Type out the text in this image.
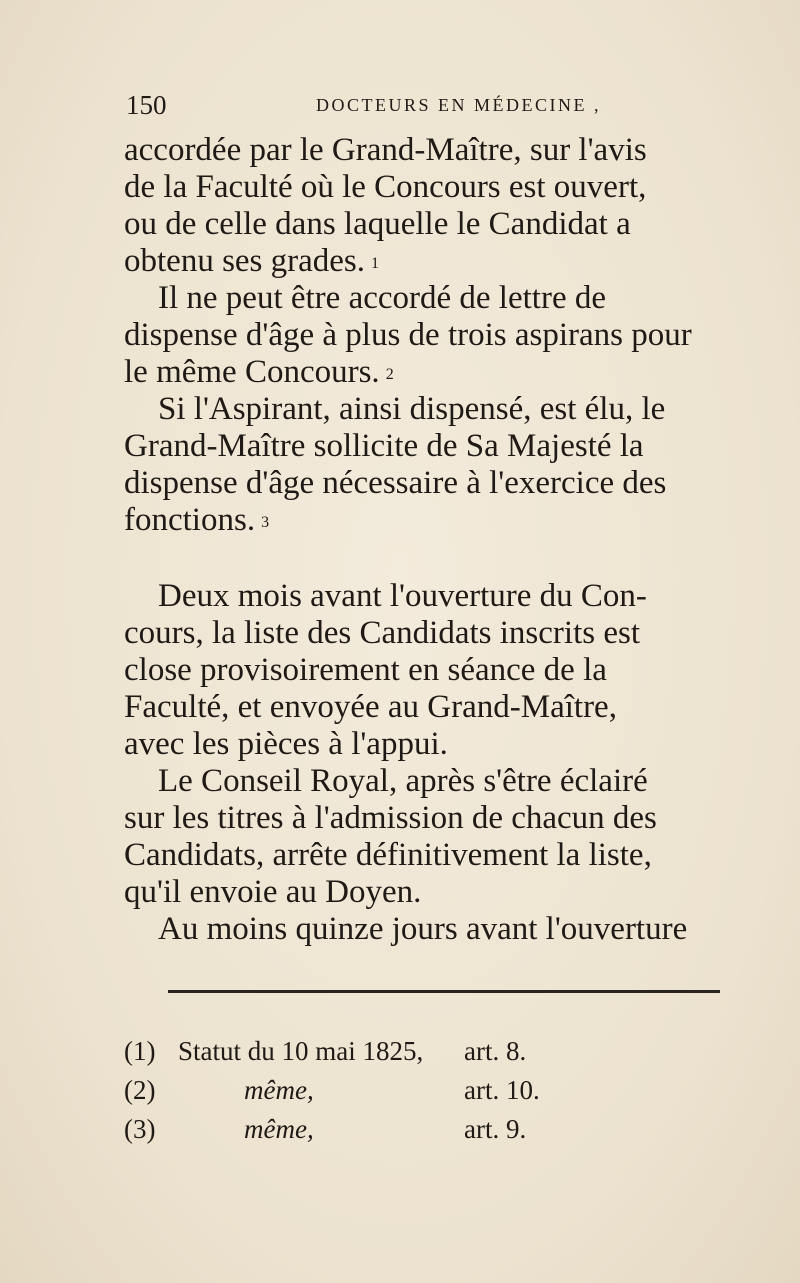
150	DOCTEURS EN MÉDECINE ,

accordée par le Grand-Maître, sur l'avis
de la Faculté où le Concours est ouvert,
ou de celle dans laquelle le Candidat a
obtenu ses grades. $^1$

Il ne peut être accordé de lettre de
dispense d'âge à plus de trois aspirans pour
le même Concours. $^2$

Si l'Aspirant, ainsi dispensé, est élu, le
Grand-Maître sollicite de Sa Majesté la
dispense d'âge nécessaire à l'exercice des
fonctions. $^3$

Deux mois avant l'ouverture du Con-
cours, la liste des Candidats inscrits est
close provisoirement en séance de la
Faculté, et envoyée au Grand-Maître,
avec les pièces à l'appui.

Le Conseil Royal, après s'être éclairé
sur les titres à l'admission de chacun des
Candidats, arrête définitivement la liste,
qu'il envoie au Doyen.

Au moins quinze jours avant l'ouverture

(1) Statut du 10 mai 1825, art. 8.
(2)	même,	art. 10.
(3)	même,	art. 9.
